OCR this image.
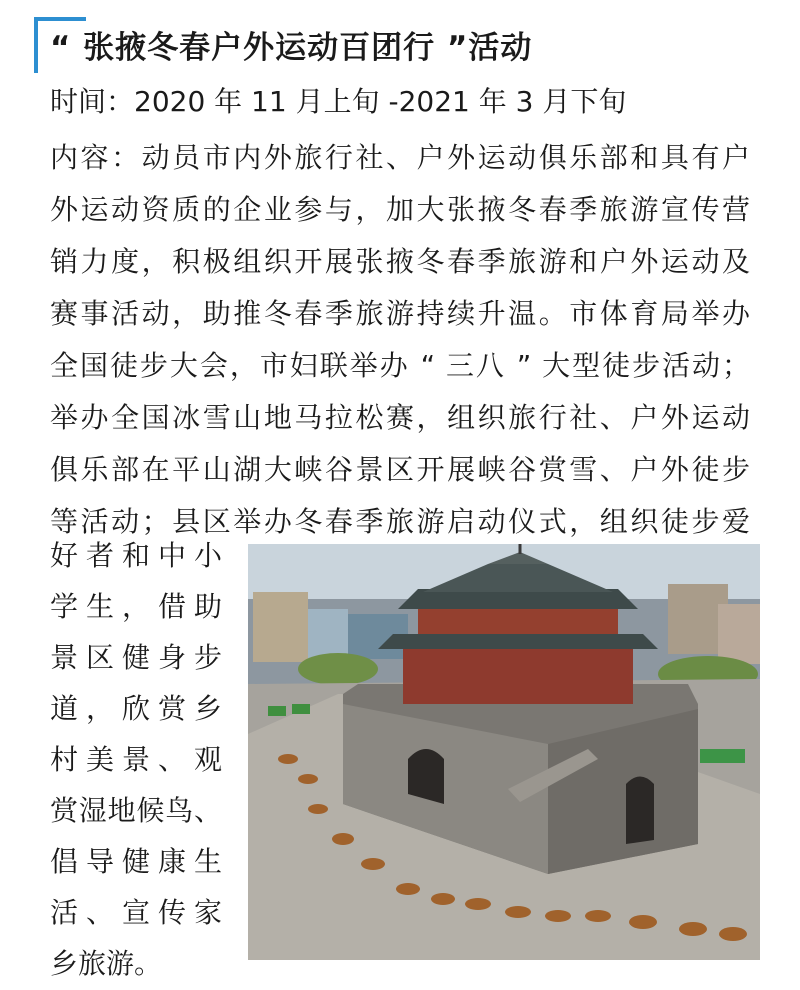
“ 张掖冬春户外运动百团行 ”活动
时间：2020 年 11 月上旬 -2021 年 3 月下旬
内容：动员市内外旅行社、户外运动俱乐部和具有户
外运动资质的企业参与，加大张掖冬春季旅游宣传营
销力度，积极组织开展张掖冬春季旅游和户外运动及
赛事活动，助推冬春季旅游持续升温。市体育局举办
全国徒步大会，市妇联举办 “ 三八 ” 大型徒步活动；
举办全国冰雪山地马拉松赛，组织旅行社、户外运动
俱乐部在平山湖大峡谷景区开展峡谷赏雪、户外徒步
等活动；县区举办冬春季旅游启动仪式，组织徒步爱
好者和中小
学生，借助
景区健身步
道，欣赏乡
村美景、观
赏湿地候鸟、
倡导健康生
活、宣传家
乡旅游。
